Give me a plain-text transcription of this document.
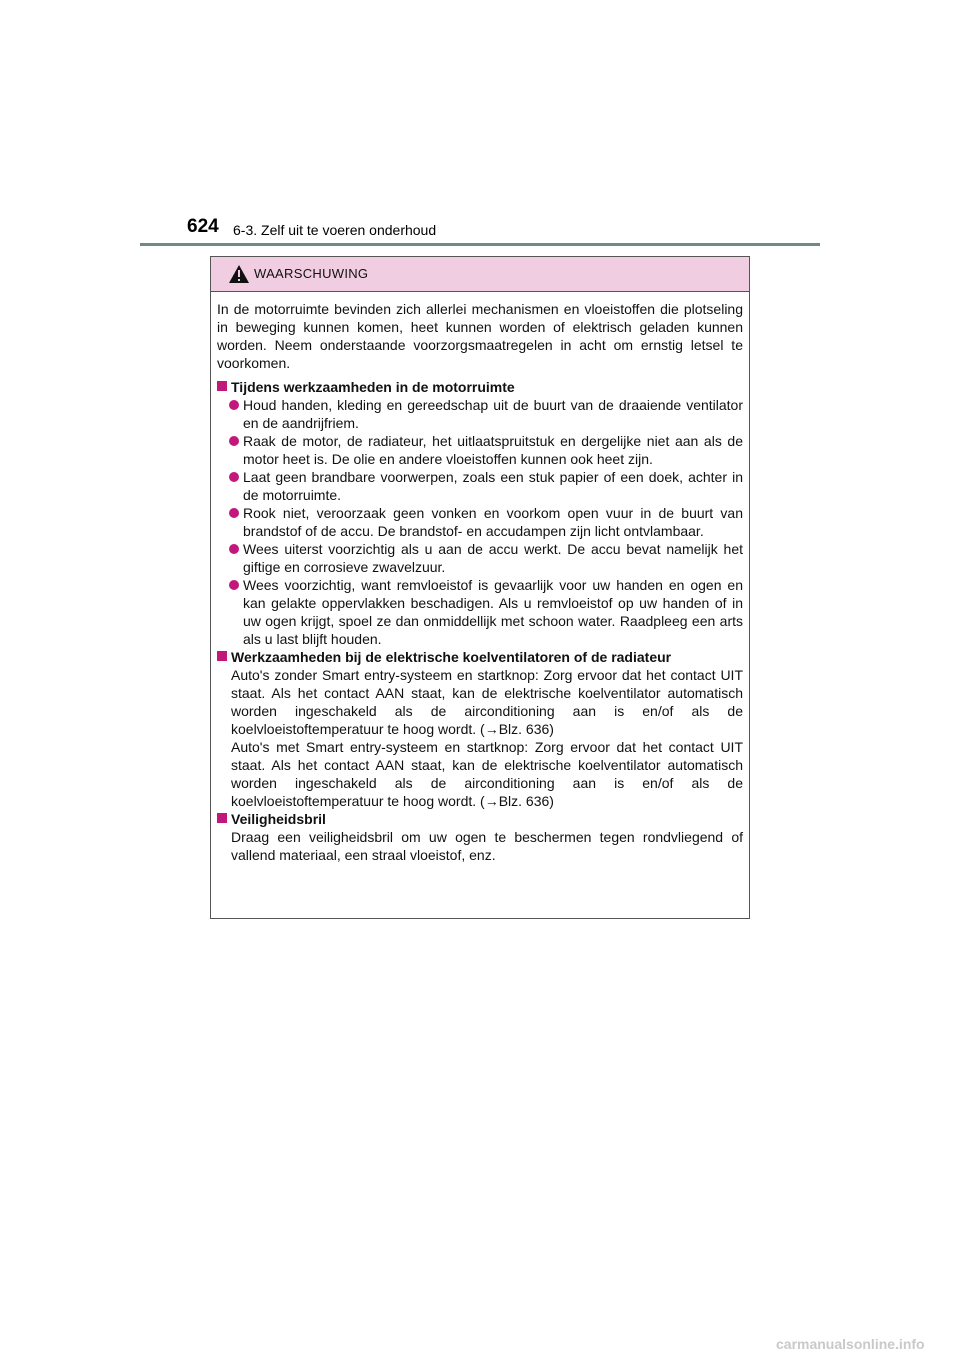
624 6-3. Zelf uit te voeren onderhoud
WAARSCHUWING

In de motorruimte bevinden zich allerlei mechanismen en vloeistoffen die plotseling in beweging kunnen komen, heet kunnen worden of elektrisch geladen kunnen worden. Neem onderstaande voorzorgsmaatregelen in acht om ernstig letsel te voorkomen.

Tijdens werkzaamheden in de motorruimte

Houd handen, kleding en gereedschap uit de buurt van de draaiende ventilator en de aandrijfriem.

Raak de motor, de radiateur, het uitlaatspruitstuk en dergelijke niet aan als de motor heet is. De olie en andere vloeistoffen kunnen ook heet zijn.

Laat geen brandbare voorwerpen, zoals een stuk papier of een doek, achter in de motorruimte.

Rook niet, veroorzaak geen vonken en voorkom open vuur in de buurt van brandstof of de accu. De brandstof- en accudampen zijn licht ontvlambaar.

Wees uiterst voorzichtig als u aan de accu werkt. De accu bevat namelijk het giftige en corrosieve zwavelzuur.

Wees voorzichtig, want remvloeistof is gevaarlijk voor uw handen en ogen en kan gelakte oppervlakken beschadigen. Als u remvloeistof op uw handen of in uw ogen krijgt, spoel ze dan onmiddellijk met schoon water. Raadpleeg een arts als u last blijft houden.

Werkzaamheden bij de elektrische koelventilatoren of de radiateur

Auto's zonder Smart entry-systeem en startknop: Zorg ervoor dat het contact UIT staat. Als het contact AAN staat, kan de elektrische koelventilator automatisch worden ingeschakeld als de airconditioning aan is en/of als de koelvloeistoftemperatuur te hoog wordt. (→Blz. 636)

Auto's met Smart entry-systeem en startknop: Zorg ervoor dat het contact UIT staat. Als het contact AAN staat, kan de elektrische koelventilator automatisch worden ingeschakeld als de airconditioning aan is en/of als de koelvloeistoftemperatuur te hoog wordt. (→Blz. 636)

Veiligheidsbril

Draag een veiligheidsbril om uw ogen te beschermen tegen rondvliegend of vallend materiaal, een straal vloeistof, enz.

carmanualsonline.info
